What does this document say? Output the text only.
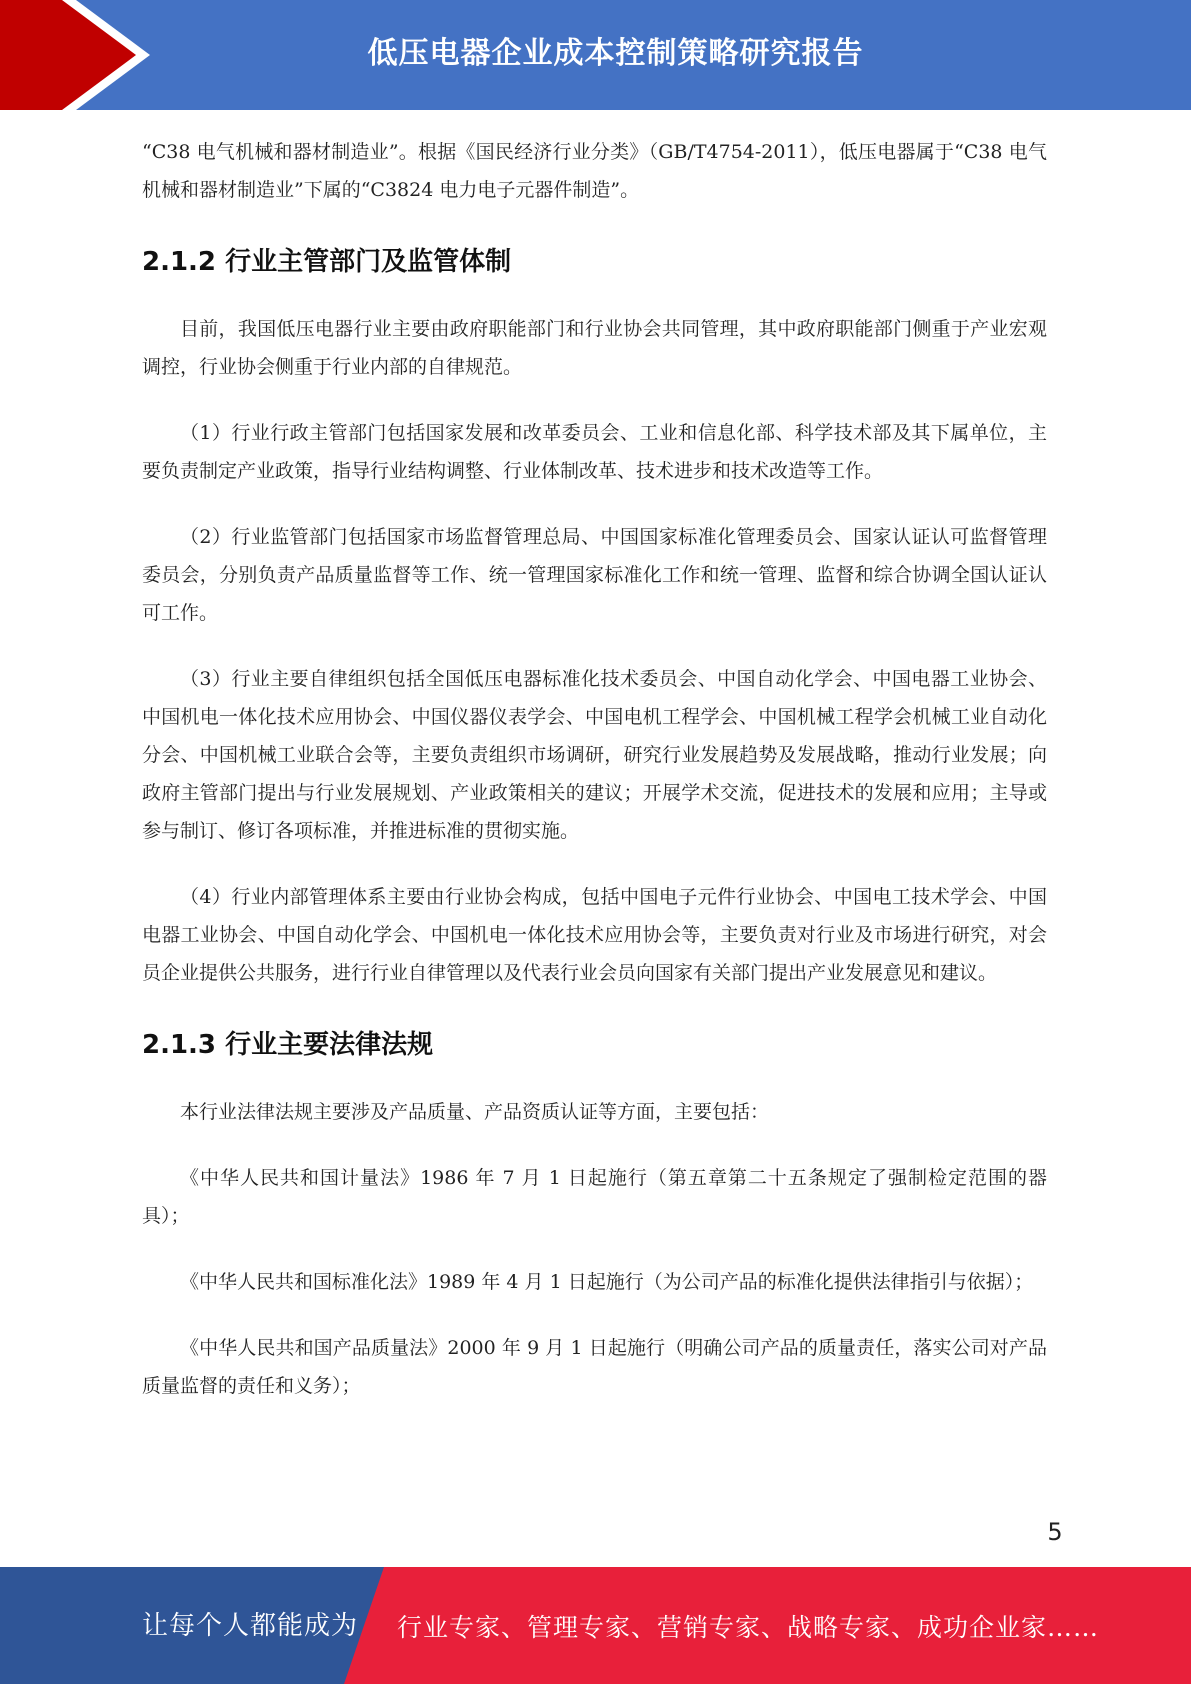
低压电器企业成本控制策略研究报告

“C38 电气机械和器材制造业”。根据《国民经济行业分类》（GB/T4754-2011），低压电器属于“C38 电气机械和器材制造业”下属的“C3824 电力电子元器件制造”。

2.1.2 行业主管部门及监管体制

目前，我国低压电器行业主要由政府职能部门和行业协会共同管理，其中政府职能部门侧重于产业宏观调控，行业协会侧重于行业内部的自律规范。

（1）行业行政主管部门包括国家发展和改革委员会、工业和信息化部、科学技术部及其下属单位，主要负责制定产业政策，指导行业结构调整、行业体制改革、技术进步和技术改造等工作。

（2）行业监管部门包括国家市场监督管理总局、中国国家标准化管理委员会、国家认证认可监督管理委员会，分别负责产品质量监督等工作、统一管理国家标准化工作和统一管理、监督和综合协调全国认证认可工作。

（3）行业主要自律组织包括全国低压电器标准化技术委员会、中国自动化学会、中国电器工业协会、中国机电一体化技术应用协会、中国仪器仪表学会、中国电机工程学会、中国机械工程学会机械工业自动化分会、中国机械工业联合会等，主要负责组织市场调研，研究行业发展趋势及发展战略，推动行业发展；向政府主管部门提出与行业发展规划、产业政策相关的建议；开展学术交流，促进技术的发展和应用；主导或参与制订、修订各项标准，并推进标准的贯彻实施。

（4）行业内部管理体系主要由行业协会构成，包括中国电子元件行业协会、中国电工技术学会、中国电器工业协会、中国自动化学会、中国机电一体化技术应用协会等，主要负责对行业及市场进行研究，对会员企业提供公共服务，进行行业自律管理以及代表行业会员向国家有关部门提出产业发展意见和建议。

2.1.3 行业主要法律法规

本行业法律法规主要涉及产品质量、产品资质认证等方面，主要包括：

《中华人民共和国计量法》1986 年 7 月 1 日起施行（第五章第二十五条规定了强制检定范围的器具）；

《中华人民共和国标准化法》1989 年 4 月 1 日起施行（为公司产品的标准化提供法律指引与依据）；

《中华人民共和国产品质量法》2000 年 9 月 1 日起施行（明确公司产品的质量责任，落实公司对产品质量监督的责任和义务）；

5
让每个人都能成为 行业专家、管理专家、营销专家、战略专家、成功企业家……
